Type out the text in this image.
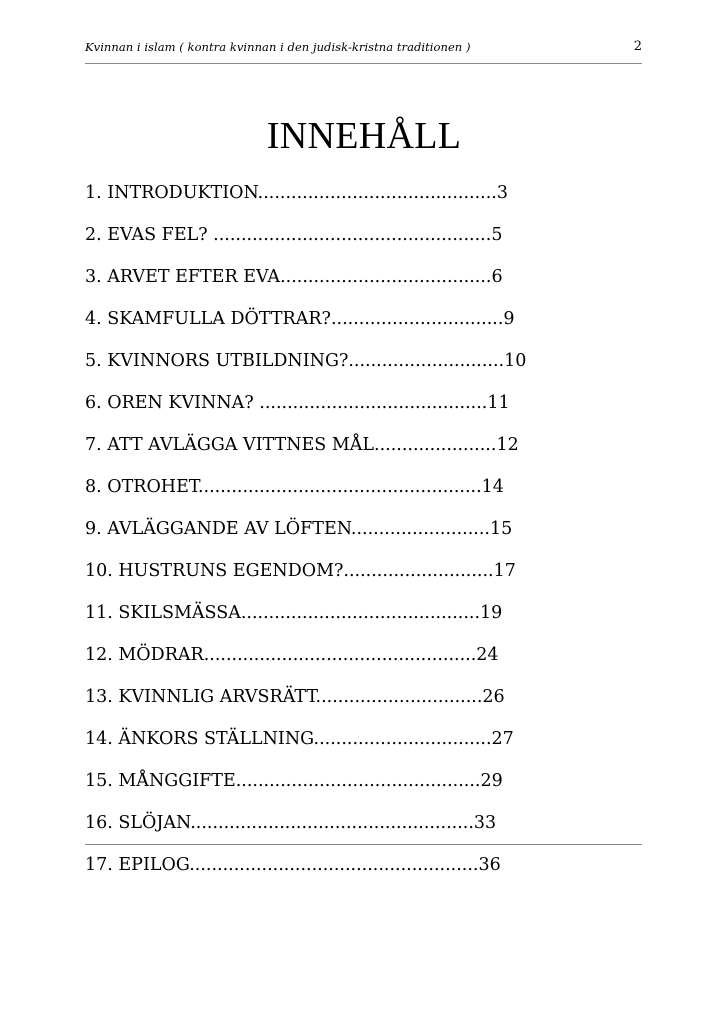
Kvinnan i islam ( kontra kvinnan i den judisk-kristna traditionen )	2
INNEHÅLL
1. INTRODUKTION...........................................3
2. EVAS FEL? ..................................................5
3. ARVET EFTER EVA......................................6
4. SKAMFULLA DÖTTRAR?...............................9
5. KVINNORS UTBILDNING?............................10
6. OREN KVINNA? .........................................11
7. ATT AVLÄGGA VITTNES MÅL......................12
8. OTROHET...................................................14
9. AVLÄGGANDE AV LÖFTEN.........................15
10. HUSTRUNS EGENDOM?...........................17
11. SKILSMÄSSA...........................................19
12. MÖDRAR.................................................24
13. KVINNLIG ARVSRÄTT..............................26
14. ÄNKORS STÄLLNING................................27
15. MÅNGGIFTE............................................29
16. SLÖJAN...................................................33
17. EPILOG....................................................36
